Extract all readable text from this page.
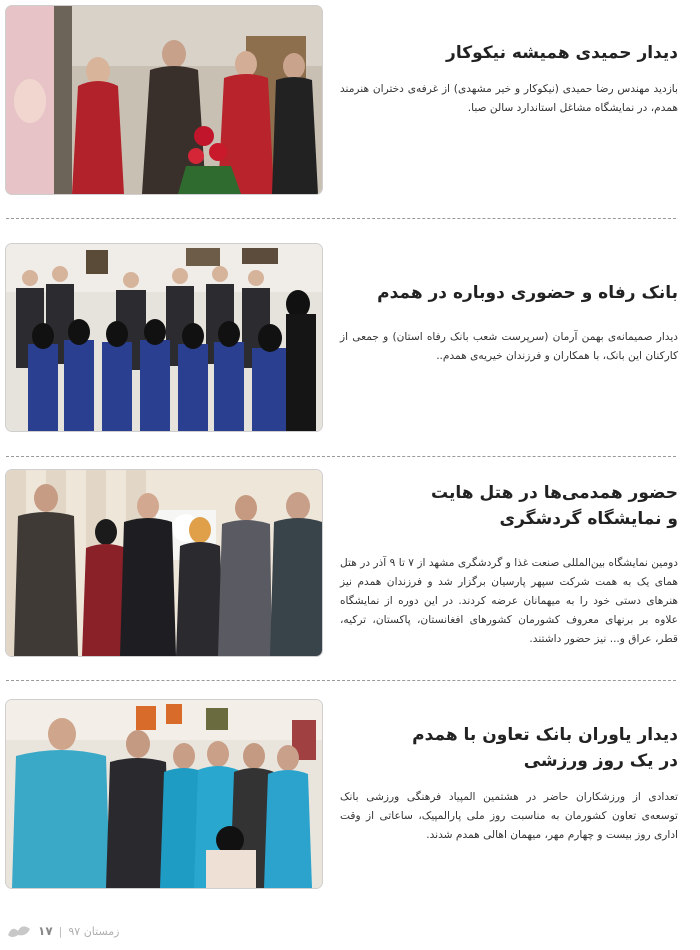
دیدار حمیدی همیشه نیکوکار

بازدید مهندس رضا حمیدی (نیکوکار و خیر مشهدی) از غرفه‌ی دختران هنرمند همدم، در نمایشگاه مشاغل استاندارد سالن صبا.

بانک رفاه و حضوری دوباره در همدم

دیدار صمیمانه‌ی بهمن آرمان (سرپرست شعب بانک رفاه استان) و جمعی از کارکنان این بانک، با همکاران و فرزندان خیریه‌ی همدم..

حضور همدمی‌ها در هتل هایت و نمایشگاه گردشگری

دومین نمایشگاه بین‌المللی صنعت غذا و گردشگری مشهد از ۷ تا ۹ آذر در هتل همای یک به همت شرکت سپهر پارسیان برگزار شد و فرزندان همدم نیز هنرهای دستی خود را به میهمانان عرضه کردند. در این دوره از نمایشگاه علاوه بر برنهای معروف کشورمان کشورهای افغانستان، پاکستان، ترکیه، قطر، عراق و... نیز حضور داشتند.

دیدار یاوران بانک تعاون با همدم در یک روز ورزشی

تعدادی از ورزشکاران حاضر در هشتمین المپیاد فرهنگی ورزشی بانک توسعه‌ی تعاون کشورمان به مناسبت روز ملی پارالمپیک، ساعاتی از وقت اداری روز بیست و چهارم مهر، میهمان اهالی همدم شدند.

۱۷ | زمستان ۹۷
